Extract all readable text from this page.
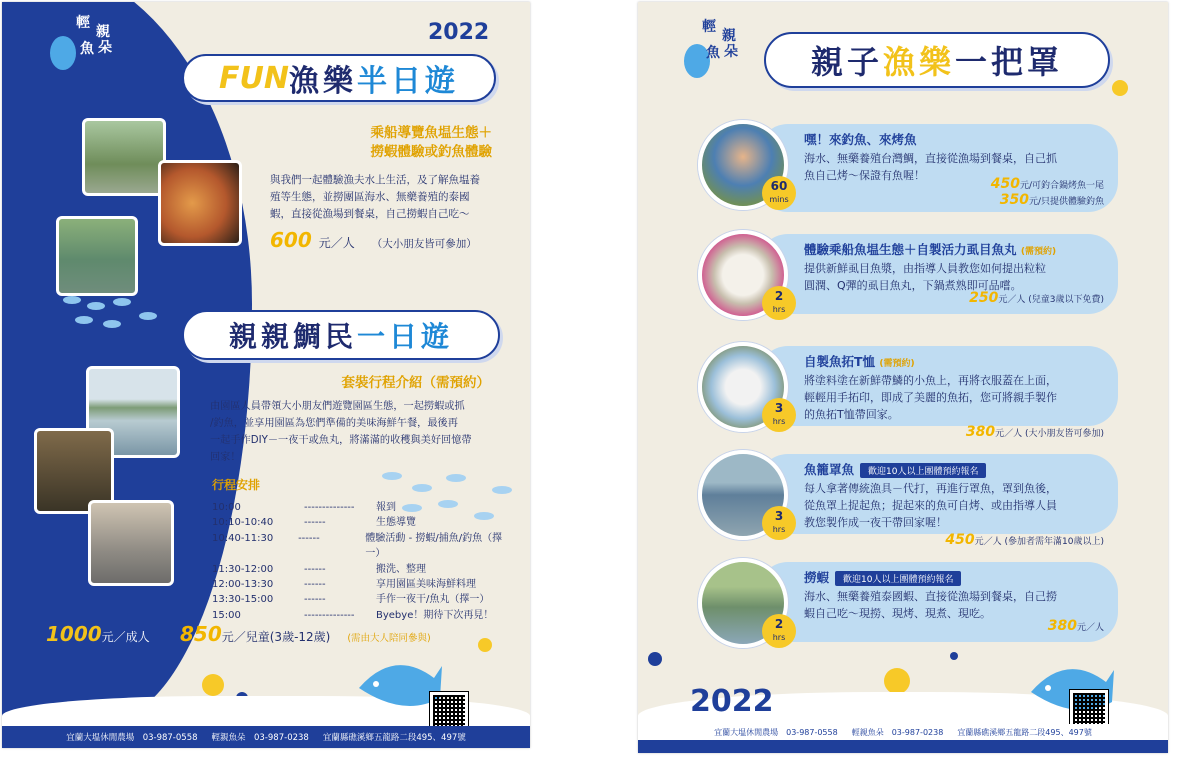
輕
親
魚 朵
2022
FUN 漁樂 半日遊
乘船導覽魚塭生態＋
撈蝦體驗或釣魚體驗
與我們一起體驗漁夫水上生活，及了解魚塭養
殖等生態，並撈團區海水、無藥養殖的泰國
蝦，直接從漁場到餐桌，自己撈蝦自己吃～
600 元／人 （大小朋友皆可參加）
親親鯛民 一日遊
套裝行程介紹（需預約）
由園區人員帶領大小朋友們遊覽園區生態，一起撈蝦或抓
/釣魚，並享用園區為您們準備的美味海鮮午餐，最後再
一起手作DIY－一夜干或魚丸，將滿滿的收穫與美好回憶帶
回家！
行程安排
10:00	--------------	報到
10:10-10:40	------	生態導覽
10:40-11:30	------	體驗活動 - 撈蝦/捕魚/釣魚（擇一）
11:30-12:00	------	搬洗、整理
12:00-13:30	------	享用園區美味海鮮料理
13:30-15:00	------	手作一夜干/魚丸（擇一）
15:00	--------------	Byebye！期待下次再見！
1000元／成人 850元／兒童(3歲-12歲) (需由大人陪同參與)
宜蘭大塭休閒農場　03-987-0558 輕親魚朵　03-987-0238 宜蘭縣礁溪鄉五龍路二段495、497號
輕
親
魚 朵 親子 漁樂 一把罩
60
mins
嘿！來釣魚、來烤魚
海水、無藥養殖台灣鯛，直接從漁場到餐桌，自己抓
魚自己烤～保證有魚喔！
450元/可釣合鍋烤魚一尾
350元/只提供體驗釣魚
2
hrs
體驗乘船魚塭生態＋自製活力虱目魚丸 (需預約)
提供新鮮虱目魚漿，由指導人員教您如何提出粒粒
圓潤、Q彈的虱目魚丸，下鍋煮熟即可品嚐。
250元／人 (兒童3歲以下免費)
3
hrs
自製魚拓T恤 (需預約)
將塗料塗在新鮮帶鱗的小魚上，再將衣服蓋在上面，
輕輕用手拓印，即成了美麗的魚拓，您可將親手製作
的魚拓T恤帶回家。
380元／人 (大小朋友皆可參加)
3
hrs
魚籠罩魚 歡迎10人以上團體預約報名
每人拿著傳統漁具－代打，再進行罩魚，罩到魚後，
從魚罩上捉起魚；捉起來的魚可自烤、或由指導人員
教您製作成一夜干帶回家喔！
450元／人 (參加者需年滿10歲以上)
2
hrs
撈蝦 歡迎10人以上團體預約報名
海水、無藥養殖泰國蝦、直接從漁場到餐桌，自己撈
蝦自己吃～現撈、現烤、現煮、現吃。
380元／人
2022
宜蘭大塭休閒農場　03-987-0558 輕親魚朵　03-987-0238 宜蘭縣礁溪鄉五龍路二段495、497號
